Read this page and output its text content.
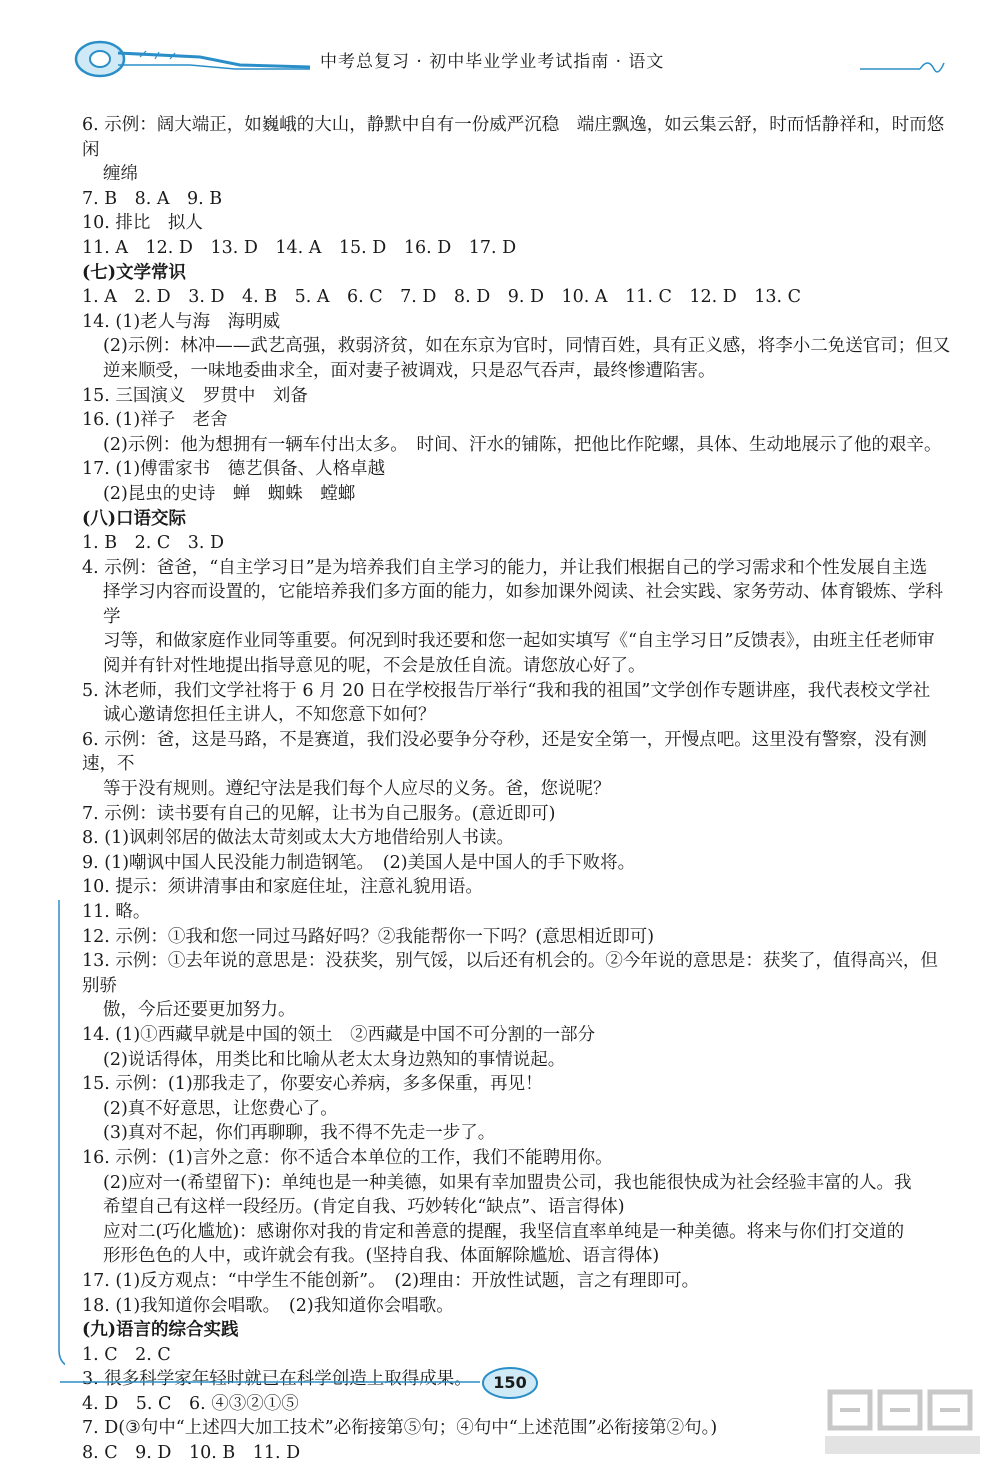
中考总复习 · 初中毕业学业考试指南 · 语文

6. 示例：阔大端正，如巍峨的大山，静默中自有一份威严沉稳　端庄飘逸，如云集云舒，时而恬静祥和，时而悠闲

缠绵

7. B　8. A　9. B

10. 排比　拟人

11. A　12. D　13. D　14. A　15. D　16. D　17. D

(七)文学常识

1. A　2. D　3. D　4. B　5. A　6. C　7. D　8. D　9. D　10. A　11. C　12. D　13. C

14. (1)老人与海　海明威

(2)示例：林冲——武艺高强，救弱济贫，如在东京为官时，同情百姓，具有正义感，将李小二免送官司；但又

逆来顺受，一味地委曲求全，面对妻子被调戏，只是忍气吞声，最终惨遭陷害。

15. 三国演义　罗贯中　刘备

16. (1)祥子　老舍

(2)示例：他为想拥有一辆车付出太多。　时间、汗水的铺陈，把他比作陀螺，具体、生动地展示了他的艰辛。

17. (1)傅雷家书　德艺俱备、人格卓越

(2)昆虫的史诗　蝉　蜘蛛　螳螂

(八)口语交际

1. B　2. C　3. D

4. 示例：爸爸，“自主学习日”是为培养我们自主学习的能力，并让我们根据自己的学习需求和个性发展自主选

择学习内容而设置的，它能培养我们多方面的能力，如参加课外阅读、社会实践、家务劳动、体育锻炼、学科学

习等，和做家庭作业同等重要。何况到时我还要和您一起如实填写《“自主学习日”反馈表》，由班主任老师审

阅并有针对性地提出指导意见的呢，不会是放任自流。请您放心好了。

5. 沐老师，我们文学社将于 6 月 20 日在学校报告厅举行“我和我的祖国”文学创作专题讲座，我代表校文学社

诚心邀请您担任主讲人，不知您意下如何？

6. 示例：爸，这是马路，不是赛道，我们没必要争分夺秒，还是安全第一，开慢点吧。这里没有警察，没有测速，不

等于没有规则。遵纪守法是我们每个人应尽的义务。爸，您说呢？

7. 示例：读书要有自己的见解，让书为自己服务。(意近即可)

8. (1)讽刺邻居的做法太苛刻或太大方地借给别人书读。

9. (1)嘲讽中国人民没能力制造钢笔。　(2)美国人是中国人的手下败将。

10. 提示：须讲清事由和家庭住址，注意礼貌用语。

11. 略。

12. 示例：①我和您一同过马路好吗？②我能帮你一下吗？(意思相近即可)

13. 示例：①去年说的意思是：没获奖，别气馁，以后还有机会的。②今年说的意思是：获奖了，值得高兴，但别骄

傲，今后还要更加努力。

14. (1)①西藏早就是中国的领土　②西藏是中国不可分割的一部分

(2)说话得体，用类比和比喻从老太太身边熟知的事情说起。

15. 示例：(1)那我走了，你要安心养病，多多保重，再见！

(2)真不好意思，让您费心了。

(3)真对不起，你们再聊聊，我不得不先走一步了。

16. 示例：(1)言外之意：你不适合本单位的工作，我们不能聘用你。

(2)应对一(希望留下)：单纯也是一种美德，如果有幸加盟贵公司，我也能很快成为社会经验丰富的人。我

希望自己有这样一段经历。(肯定自我、巧妙转化“缺点”、语言得体)

应对二(巧化尴尬)：感谢你对我的肯定和善意的提醒，我坚信直率单纯是一种美德。将来与你们打交道的

形形色色的人中，或许就会有我。(坚持自我、体面解除尴尬、语言得体)

17. (1)反方观点：“中学生不能创新”。　(2)理由：开放性试题，言之有理即可。

18. (1)我知道你会唱歌。　(2)我知道你会唱歌。

(九)语言的综合实践

1. C　2. C

3. 很多科学家年轻时就已在科学创造上取得成果。

4. D　5. C　6. ④③②①⑤

7. D(③句中“上述四大加工技术”必衔接第⑤句；④句中“上述范围”必衔接第②句。)

8. C　9. D　10. B　11. D

150
